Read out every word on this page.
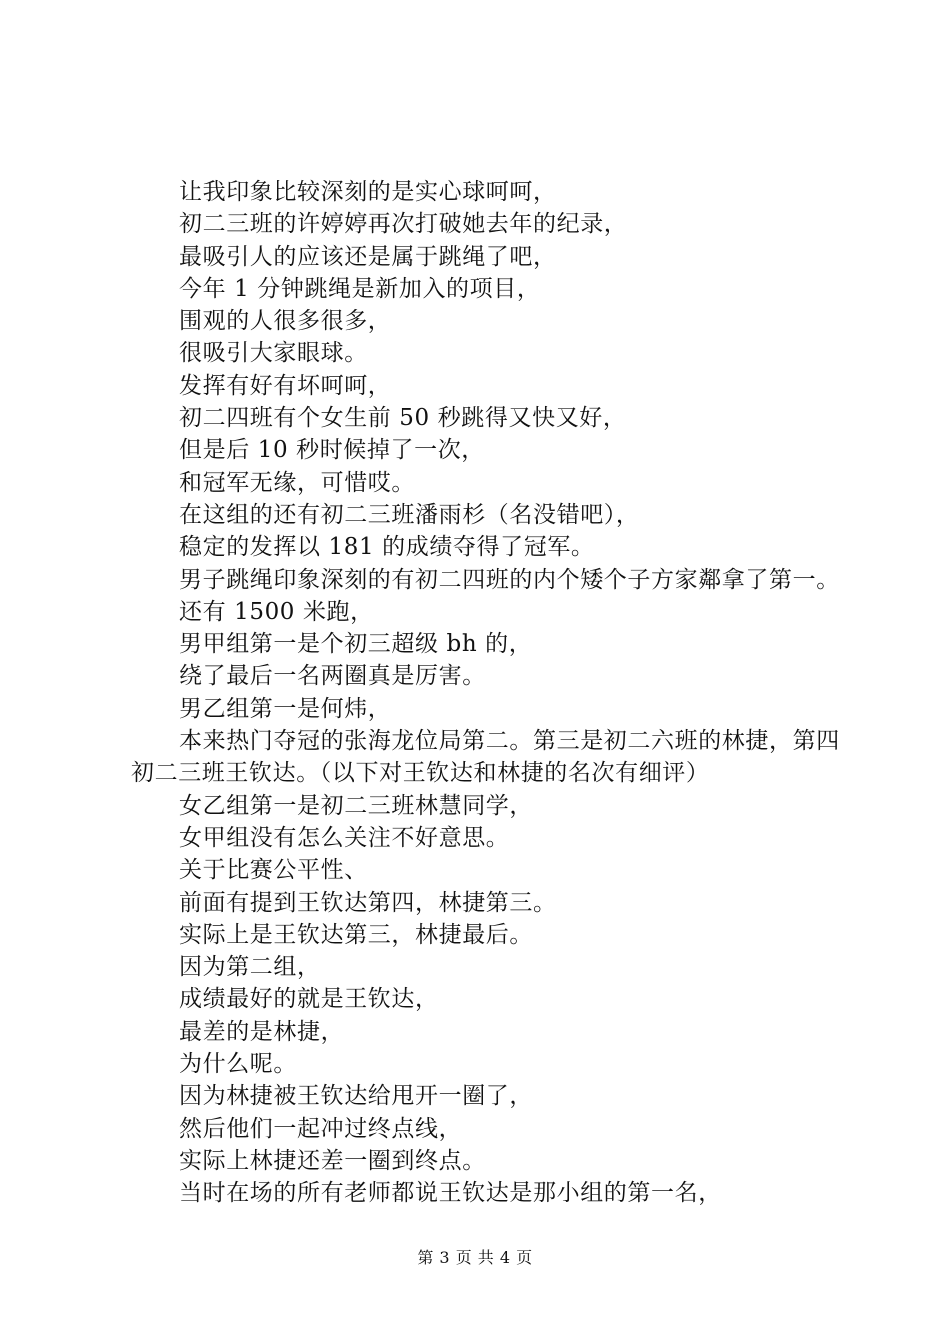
让我印象比较深刻的是实心球呵呵，

初二三班的许婷婷再次打破她去年的纪录，

最吸引人的应该还是属于跳绳了吧，

今年 1 分钟跳绳是新加入的项目，

围观的人很多很多，

很吸引大家眼球。

发挥有好有坏呵呵，

初二四班有个女生前 50 秒跳得又快又好，

但是后 10 秒时候掉了一次，

和冠军无缘，可惜哎。

在这组的还有初二三班潘雨杉（名没错吧），

稳定的发挥以 181 的成绩夺得了冠军。

男子跳绳印象深刻的有初二四班的内个矮个子方家鄰拿了第一。

还有 1500 米跑，

男甲组第一是个初三超级 bh 的，

绕了最后一名两圈真是厉害。

男乙组第一是何炜，

本来热门夺冠的张海龙位局第二。第三是初二六班的林捷，第四初二三班王钦达。（以下对王钦达和林捷的名次有细评）

女乙组第一是初二三班林慧同学，

女甲组没有怎么关注不好意思。

关于比赛公平性、

前面有提到王钦达第四，林捷第三。

实际上是王钦达第三，林捷最后。

因为第二组，

成绩最好的就是王钦达，

最差的是林捷，

为什么呢。

因为林捷被王钦达给甩开一圈了，

然后他们一起冲过终点线，

实际上林捷还差一圈到终点。

当时在场的所有老师都说王钦达是那小组的第一名，

第 3 页 共 4 页
